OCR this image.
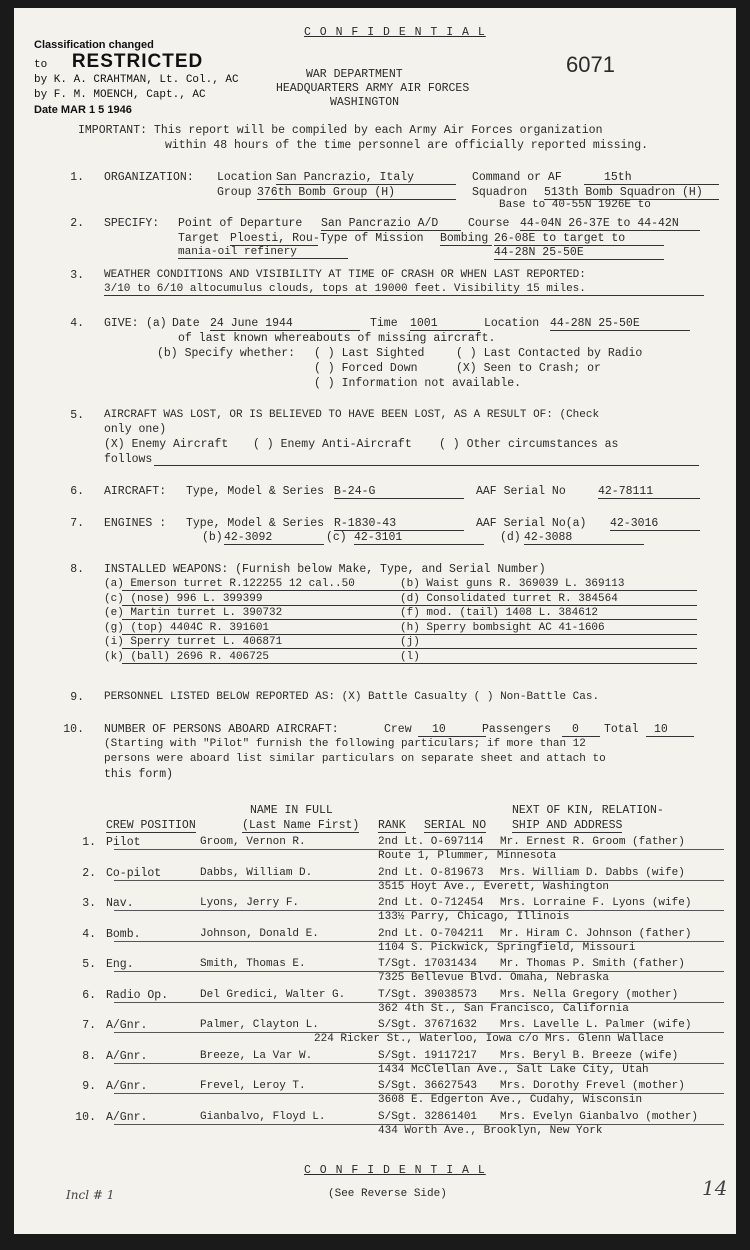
Classification changed
to RESTRICTED
by K. A. CRAHTMAN, Lt. Col., AC
by F. M. MOENCH, Capt., AC
Date MAR 1 5 1946
C O N F I D E N T I A L
6071
WAR DEPARTMENT
HEADQUARTERS ARMY AIR FORCES
WASHINGTON
IMPORTANT: This report will be compiled by each Army Air Forces organization
within 48 hours of the time personnel are officially reported missing.
1. ORGANIZATION: Location San Pancrazio, Italy	Command or AF	15th
Group 376th Bomb Group (H)	Squadron 513th Bomb Squadron (H)
Base to 40-55N 1926E to
2. SPECIFY: Point of Departure San Pancrazio A/D	Course 44-04N 26-37E to 44-42N
Target Ploesti, Rou- Type of Mission Bombing 26-08E to target to
mania-oil refinery	44-28N 25-50E
3. WEATHER CONDITIONS AND VISIBILITY AT TIME OF CRASH OR WHEN LAST REPORTED:
3/10 to 6/10 altocumulus clouds, tops at 19000 feet. Visibility 15 miles.
4. GIVE: (a) Date 24 June 1944	Time 1001	Location 44-28N 25-50E
of last known whereabouts of missing aircraft.
(b) Specify whether: ( ) Last Sighted	( ) Last Contacted by Radio
( ) Forced Down	(X) Seen to Crash; or
( ) Information not available.
5. AIRCRAFT WAS LOST, OR IS BELIEVED TO HAVE BEEN LOST, AS A RESULT OF: (Check
only one)
(X) Enemy Aircraft ( ) Enemy Anti-Aircraft ( ) Other circumstances as
follows
6. AIRCRAFT: Type, Model & Series B-24-G	AAF Serial No	42-78111
7. ENGINES : Type, Model & Series R-1830-43	AAF Serial No(a) 42-3016
(b) 42-3092	(c) 42-3101	(d) 42-3088
8. INSTALLED WEAPONS: (Furnish below Make, Type, and Serial Number)
(a) Emerson turret R.122255 12 cal..50	(b) Waist guns R. 369039 L. 369113
(c) (nose) 996 L. 399399	(d) Consolidated turret R. 384564
(e) Martin turret L. 390732	(f) mod. (tail) 1408 L. 384612
(g) (top) 4404C R. 391601	(h) Sperry bombsight AC 41-1606
(i) Sperry turret L. 406871	(j)
(k) (ball) 2696 R. 406725	(l)
9. PERSONNEL LISTED BELOW REPORTED AS: (X) Battle Casualty ( ) Non-Battle Cas.
10. NUMBER OF PERSONS ABOARD AIRCRAFT:	Crew	10	Passengers	0	Total	10
(Starting with "Pilot" furnish the following particulars; if more than 12
persons were aboard list similar particulars on separate sheet and attach to
this form)
NAME IN FULL	NEXT OF KIN, RELATION-
CREW POSITION	(Last Name First) RANK SERIAL NO SHIP AND ADDRESS
1. Pilot	Groom, Vernon R.	2nd Lt. O-697114 Mr. Ernest R. Groom (father)
Route 1, Plummer, Minnesota
2. Co-pilot	Dabbs, William D.	2nd Lt. O-819673 Mrs. William D. Dabbs (wife)
3515 Hoyt Ave., Everett, Washington
3. Nav.	Lyons, Jerry F.	2nd Lt. O-712454 Mrs. Lorraine F. Lyons (wife)
133½ Parry, Chicago, Illinois
4. Bomb.	Johnson, Donald E.	2nd Lt. O-704211 Mr. Hiram C. Johnson (father)
1104 S. Pickwick, Springfield, Missouri
5. Eng.	Smith, Thomas E.	T/Sgt. 17031434 Mr. Thomas P. Smith (father)
7325 Bellevue Blvd. Omaha, Nebraska
6. Radio Op.	Del Gredici, Walter G.	T/Sgt. 39038573 Mrs. Nella Gregory (mother)
362 4th St., San Francisco, California
7. A/Gnr.	Palmer, Clayton L.	S/Sgt. 37671632 Mrs. Lavelle L. Palmer (wife)
224 Ricker St., Waterloo, Iowa c/o Mrs. Glenn Wallace
8. A/Gnr.	Breeze, La Var W.	S/Sgt. 19117217 Mrs. Beryl B. Breeze (wife)
1434 McClellan Ave., Salt Lake City, Utah
9. A/Gnr.	Frevel, Leroy T.	S/Sgt. 36627543 Mrs. Dorothy Frevel (mother)
3608 E. Edgerton Ave., Cudahy, Wisconsin
10. A/Gnr.	Gianbalvo, Floyd L.	S/Sgt. 32861401 Mrs. Evelyn Gianbalvo (mother)
434 Worth Ave., Brooklyn, New York
C O N F I D E N T I A L
Incl # 1	(See Reverse Side)	14
